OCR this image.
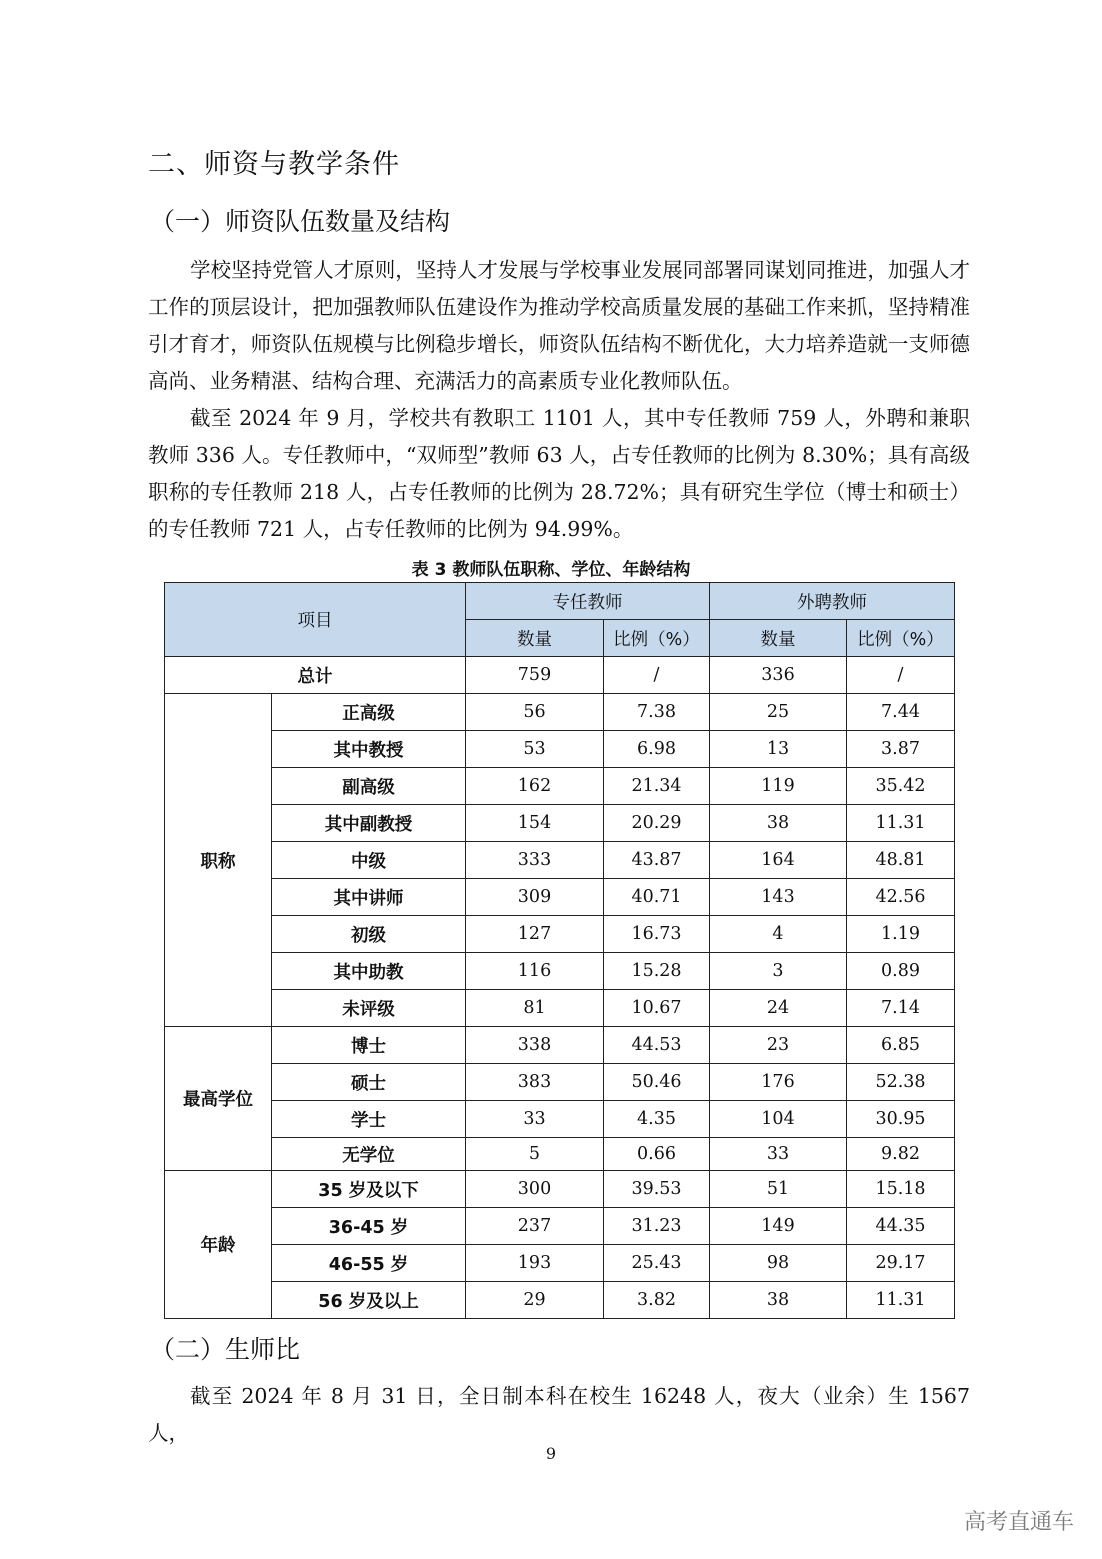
二、师资与教学条件
（一）师资队伍数量及结构

学校坚持党管人才原则，坚持人才发展与学校事业发展同部署同谋划同推进，加强人才工作的顶层设计，把加强教师队伍建设作为推动学校高质量发展的基础工作来抓，坚持精准引才育才，师资队伍规模与比例稳步增长，师资队伍结构不断优化，大力培养造就一支师德高尚、业务精湛、结构合理、充满活力的高素质专业化教师队伍。

截至 2024 年 9 月，学校共有教职工 1101 人，其中专任教师 759 人，外聘和兼职教师 336 人。专任教师中，“双师型”教师 63 人，占专任教师的比例为 8.30%；具有高级职称的专任教师 218 人，占专任教师的比例为 28.72%；具有研究生学位（博士和硕士）的专任教师 721 人，占专任教师的比例为 94.99%。

表 3 教师队伍职称、学位、年龄结构
项目		专任教师		外聘教师	
		数量	比例（%）	数量	比例（%）
总计		759	/	336	/
职称	正高级	56	7.38	25	7.44
	其中教授	53	6.98	13	3.87
	副高级	162	21.34	119	35.42
	其中副教授	154	20.29	38	11.31
	中级	333	43.87	164	48.81
	其中讲师	309	40.71	143	42.56
	初级	127	16.73	4	1.19
	其中助教	116	15.28	3	0.89
	未评级	81	10.67	24	7.14
最高学位	博士	338	44.53	23	6.85
	硕士	383	50.46	176	52.38
	学士	33	4.35	104	30.95
	无学位	5	0.66	33	9.82
年龄	35 岁及以下	300	39.53	51	15.18
	36-45 岁	237	31.23	149	44.35
	46-55 岁	193	25.43	98	29.17
	56 岁及以上	29	3.82	38	11.31
（二）生师比

截至 2024 年 8 月 31 日，全日制本科在校生 16248 人，夜大（业余）生 1567 人，

9
高考直通车
